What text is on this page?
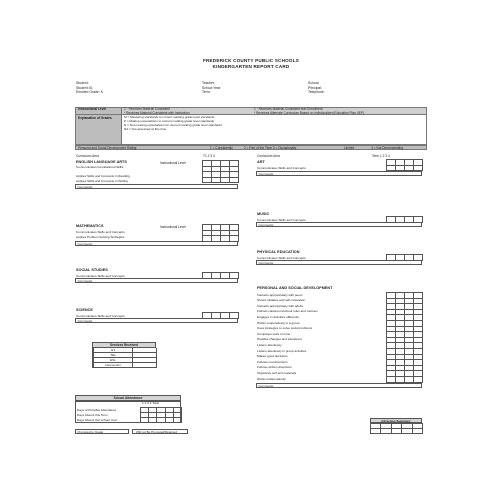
FREDERICK COUNTY PUBLIC SCHOOLS
KINDERGARTEN REPORT CARD
Student:
Student ID:
Enrolled Grade: K
Teacher:
School Year:
Term:
School:
Principal:
Telephone:
Instructional Level	1 · Receives Material Consistent
* Receives Material Consistent with Instruction
1 · Receives Material Consistent with Enrollment
* Receives Alternate Curriculum Based on Individualized Education Plan (IEP)
Explanation of Grades	M = Mastering standards to current marking grade level standards
P = Making expectations to current marking grade level standards
N = Not meeting expectations for current marking grade level standards
NA = Not assessed at this time
Personal and Social Development Rating:	1 = Consistently	2 = Part of the Time 3 = Occasionally	Limited	4 = Not Demonstrating
Curriculum Area	T1 2 3 4
ENGLISH LANGUAGE ARTS	Instructional Level
Communicates Foundational Skills
Applies Skills and Concepts in Reading
Applies Skills and Concepts in Writing
Comments:
MATHEMATICS	Instructional Level
Communicates Skills and Concepts
Applies Problem Solving Strategies
Comments:
SOCIAL STUDIES
Communicates Skills and Concepts
Comments:
SCIENCE
Communicates Skills and Concepts
Comments:
Services Received
GT
Title
ESL
Intervention
School Attendance
1 2 3 4 Total
Days of Possible Attendance
Days Absent this Term
Days Absent this school Year
Promoted to Grade	Will not Be Promoted/Retained
Curriculum Area	Term 1 2 3 4
ART
Communicates Skills and Concepts
Comments:
MUSIC
Communicates Skills and Concepts
Comments:
PHYSICAL EDUCATION
Communicates Skills and Concepts
Comments:
PERSONAL AND SOCIAL DEVELOPMENT
Interacts appropriately with peers
Shows initiative and self-motivation
Interacts appropriately with adults
Follows classroom/school rules and routines
Engages in activities efficiently
Works cooperatively in a group
Uses strategies to solve social problems
Completes work on time
Handles changes and transitions
Listens attentively
Listens attentively in group activities
Makes good decisions
Follows oral directions
Follows written directions
Organizes self and materials
Works independently
Comments:
Infraction Summary
